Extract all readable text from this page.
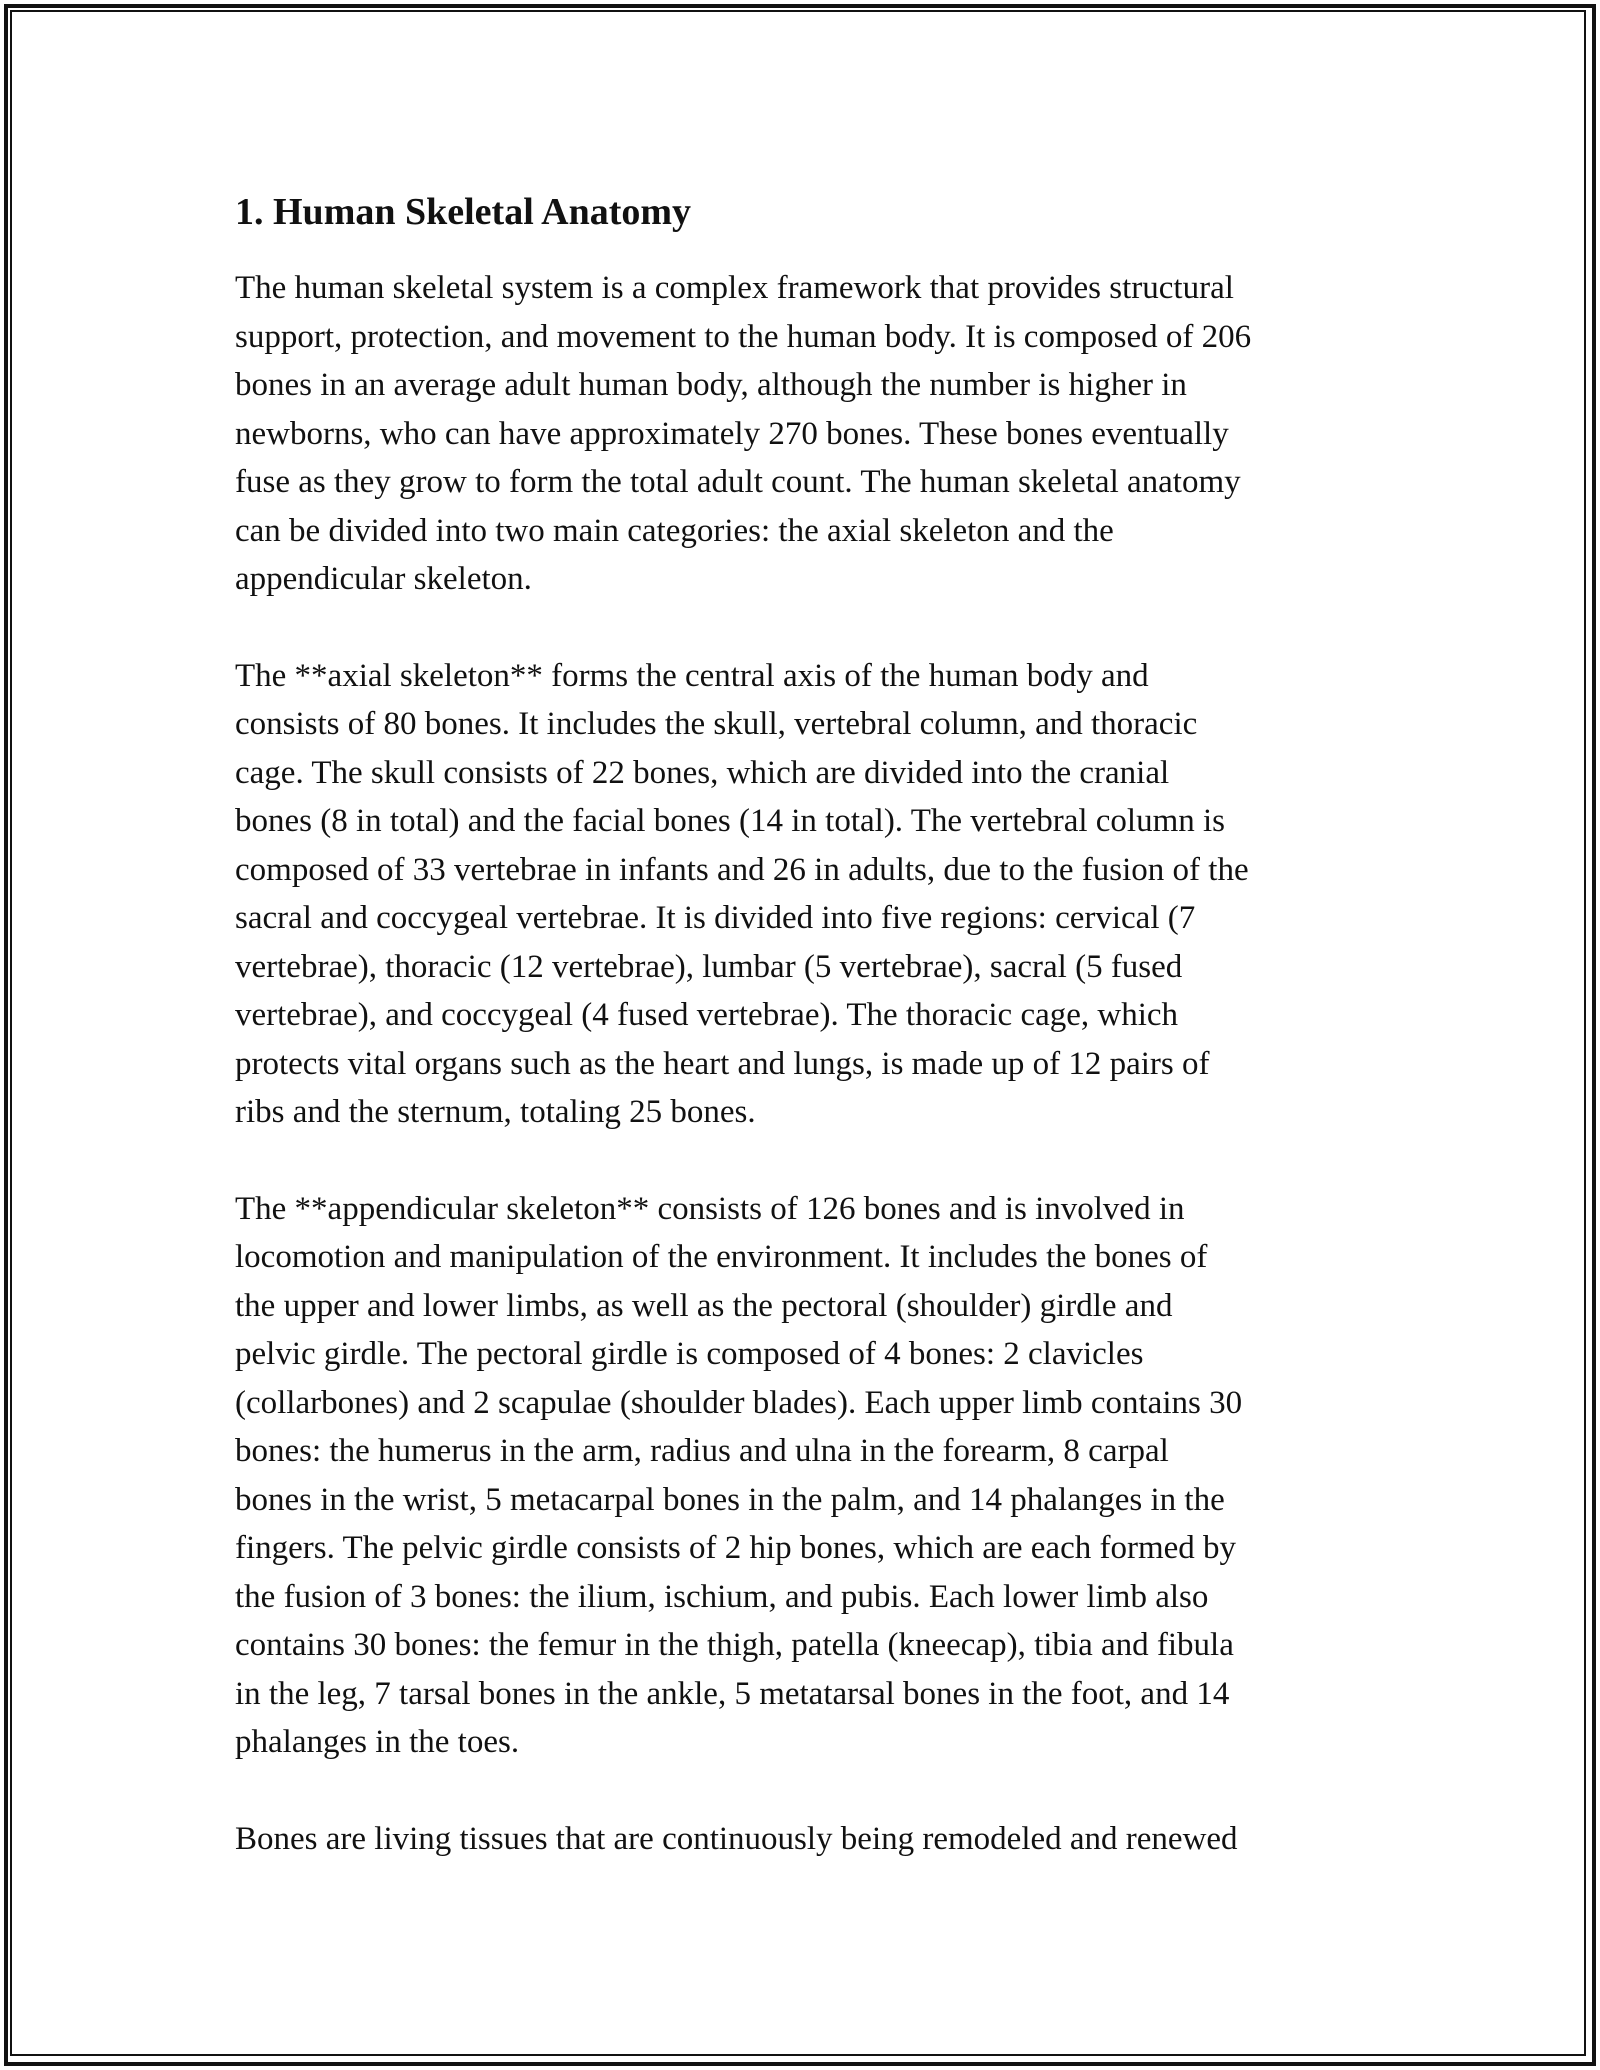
1. Human Skeletal Anatomy

The human skeletal system is a complex framework that provides structural
support, protection, and movement to the human body. It is composed of 206
bones in an average adult human body, although the number is higher in
newborns, who can have approximately 270 bones. These bones eventually
fuse as they grow to form the total adult count. The human skeletal anatomy
can be divided into two main categories: the axial skeleton and the
appendicular skeleton.

The **axial skeleton** forms the central axis of the human body and
consists of 80 bones. It includes the skull, vertebral column, and thoracic
cage. The skull consists of 22 bones, which are divided into the cranial
bones (8 in total) and the facial bones (14 in total). The vertebral column is
composed of 33 vertebrae in infants and 26 in adults, due to the fusion of the
sacral and coccygeal vertebrae. It is divided into five regions: cervical (7
vertebrae), thoracic (12 vertebrae), lumbar (5 vertebrae), sacral (5 fused
vertebrae), and coccygeal (4 fused vertebrae). The thoracic cage, which
protects vital organs such as the heart and lungs, is made up of 12 pairs of
ribs and the sternum, totaling 25 bones.

The **appendicular skeleton** consists of 126 bones and is involved in
locomotion and manipulation of the environment. It includes the bones of
the upper and lower limbs, as well as the pectoral (shoulder) girdle and
pelvic girdle. The pectoral girdle is composed of 4 bones: 2 clavicles
(collarbones) and 2 scapulae (shoulder blades). Each upper limb contains 30
bones: the humerus in the arm, radius and ulna in the forearm, 8 carpal
bones in the wrist, 5 metacarpal bones in the palm, and 14 phalanges in the
fingers. The pelvic girdle consists of 2 hip bones, which are each formed by
the fusion of 3 bones: the ilium, ischium, and pubis. Each lower limb also
contains 30 bones: the femur in the thigh, patella (kneecap), tibia and fibula
in the leg, 7 tarsal bones in the ankle, 5 metatarsal bones in the foot, and 14
phalanges in the toes.

Bones are living tissues that are continuously being remodeled and renewed
